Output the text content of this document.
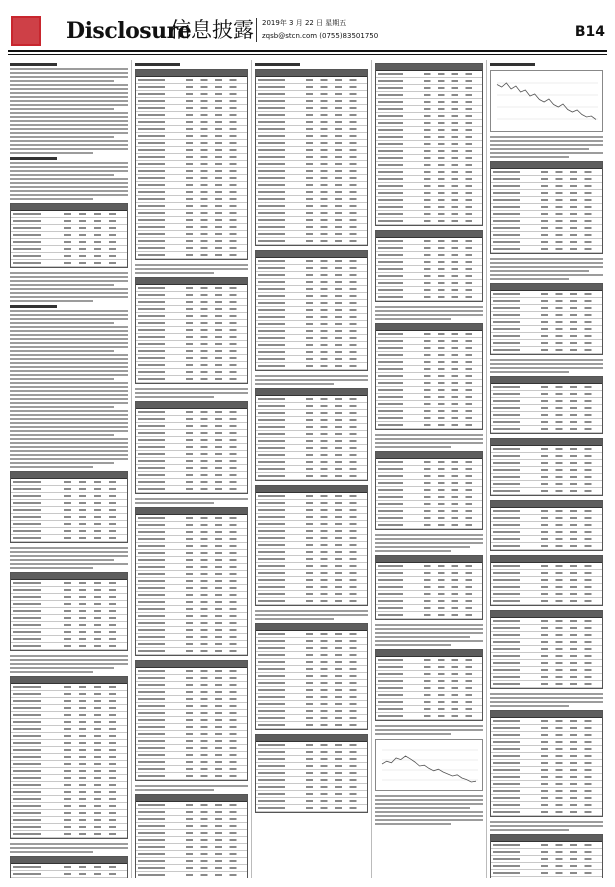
Disclosure
信息披露 2019年 3 月 22 日 星期五
zqsb@stcn.com (0755)83501750	B14
